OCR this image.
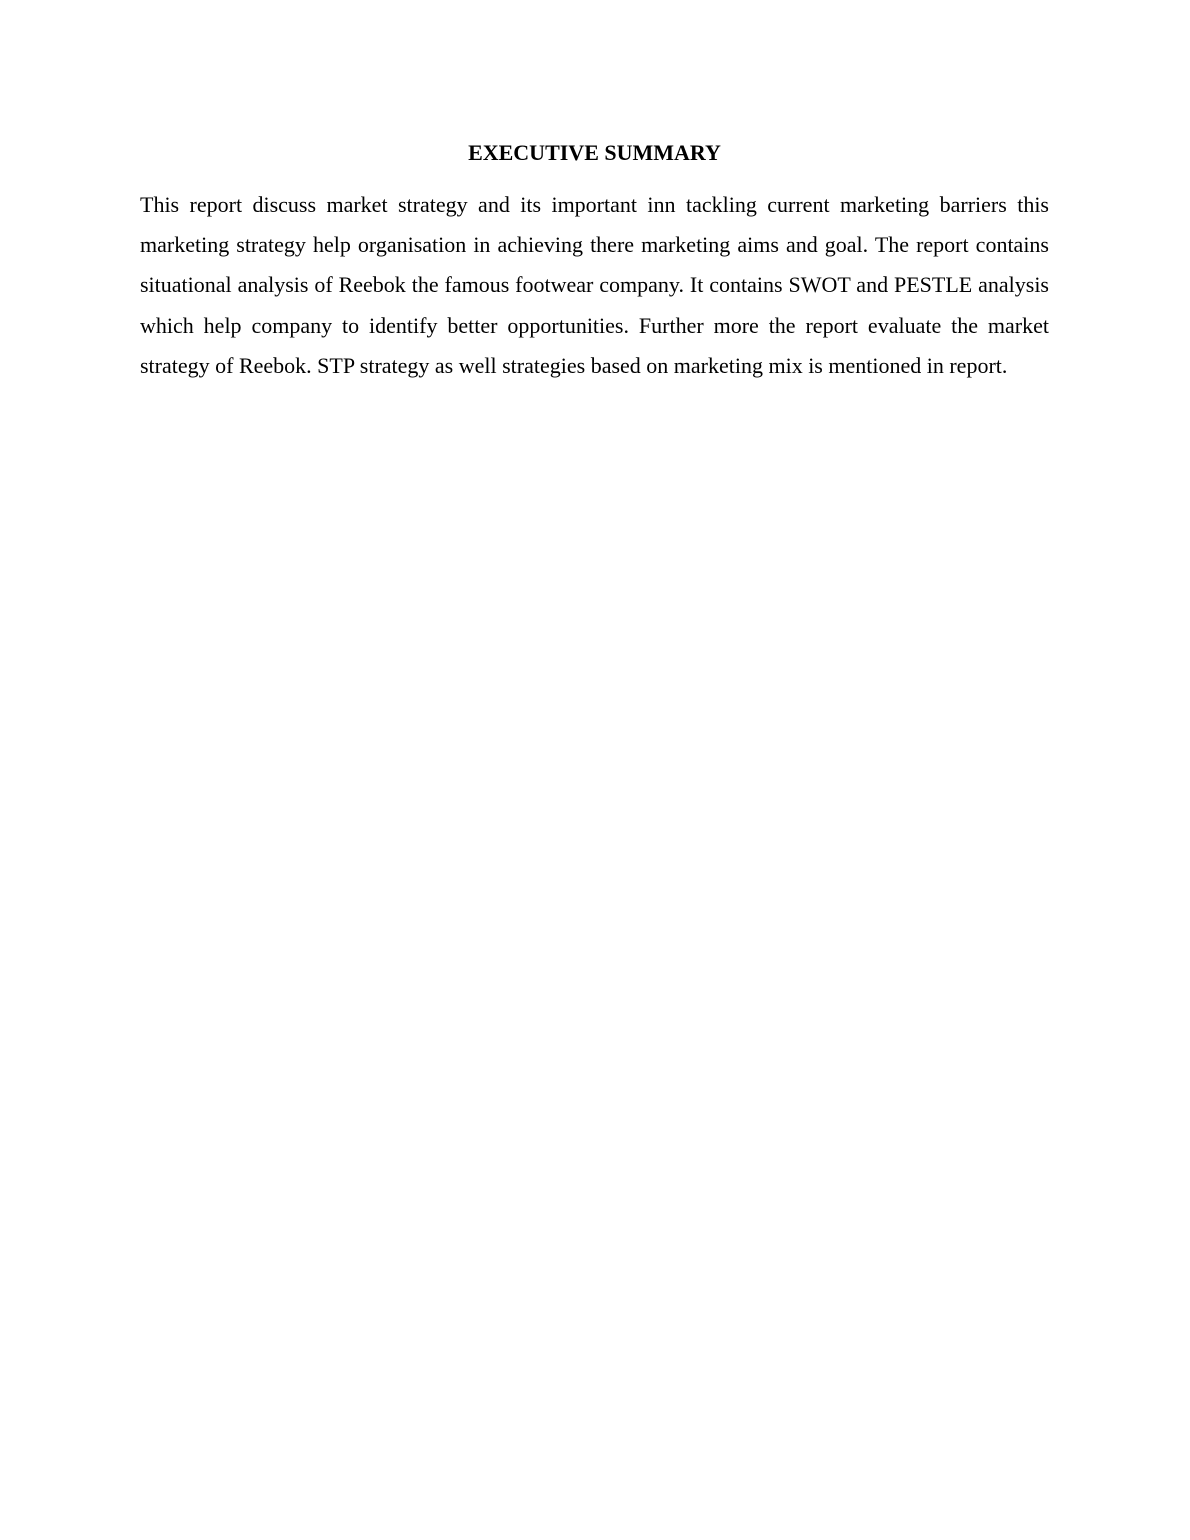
EXECUTIVE SUMMARY

This report discuss market strategy and its important inn tackling current marketing barriers this marketing strategy help organisation in achieving there marketing aims and goal. The report contains situational analysis of Reebok the famous footwear company. It contains SWOT and PESTLE analysis which help company to identify better opportunities. Further more the report evaluate the market strategy of Reebok. STP strategy as well strategies based on marketing mix is mentioned in report.
